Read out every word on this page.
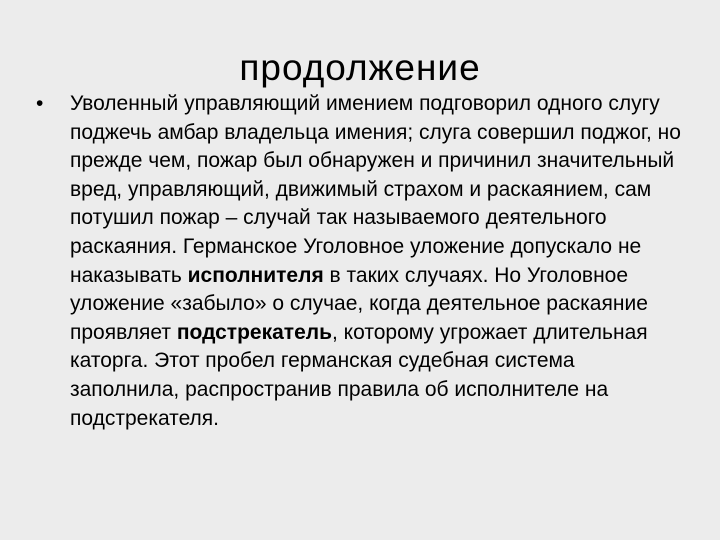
продолжение
•	Уволенный управляющий имением подговорил одного слугу поджечь амбар владельца имения; слуга совершил поджог, но прежде чем, пожар был обнаружен и причинил значительный вред, управляющий, движимый страхом и раскаянием, сам потушил пожар – случай так называемого деятельного раскаяния. Германское Уголовное уложение допускало не наказывать исполнителя в таких случаях. Но Уголовное уложение «забыло» о случае, когда деятельное раскаяние проявляет подстрекатель, которому угрожает длительная каторга. Этот пробел германская судебная система заполнила, распространив правила об исполнителе на подстрекателя.
